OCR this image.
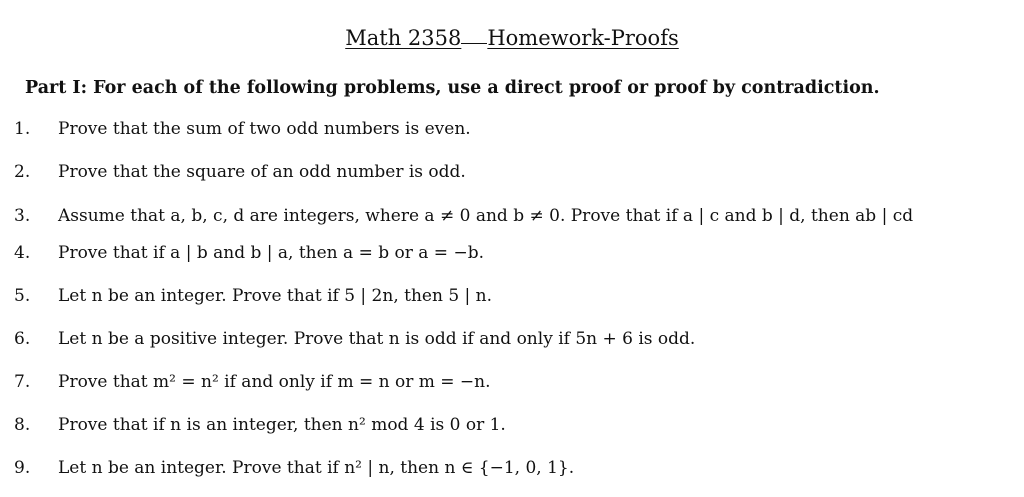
Math 2358 Homework-Proofs
Part I: For each of the following problems, use a direct proof or proof by contradiction.
1. Prove that the sum of two odd numbers is even.
2. Prove that the square of an odd number is odd.
3. Assume that a, b, c, d are integers, where a ≠ 0 and b ≠ 0. Prove that if a | c and b | d, then ab | cd
4. Prove that if a | b and b | a, then a = b or a = −b.
5. Let n be an integer. Prove that if 5 | 2n, then 5 | n.
6. Let n be a positive integer. Prove that n is odd if and only if 5n + 6 is odd.
7. Prove that m² = n² if and only if m = n or m = −n.
8. Prove that if n is an integer, then n² mod 4 is 0 or 1.
9. Let n be an integer. Prove that if n² | n, then n ∈ {−1, 0, 1}.
